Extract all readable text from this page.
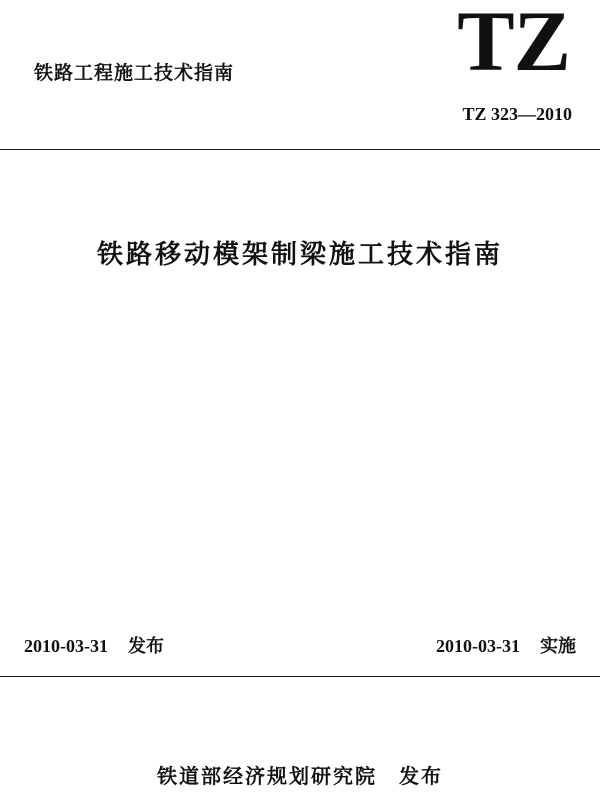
铁路工程施工技术指南	TZ
TZ 323—2010
铁路移动模架制梁施工技术指南
2010-03-31 发布	2010-03-31 实施
铁道部经济规划研究院 发布
